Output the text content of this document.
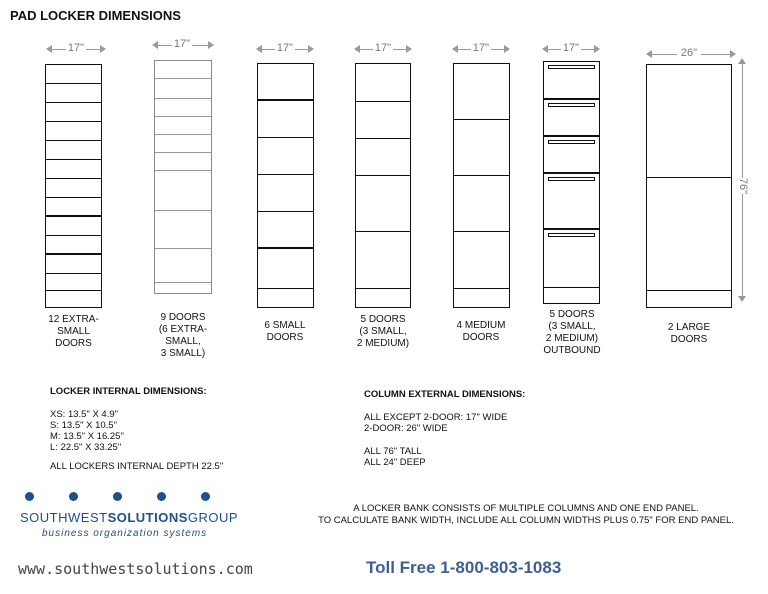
PAD LOCKER DIMENSIONS
17"
12 EXTRA-
SMALL
DOORS
17"
9 DOORS
(6 EXTRA-
SMALL,
3 SMALL)
17"
6 SMALL
DOORS
17"
5 DOORS
(3 SMALL,
2 MEDIUM)
17"
4 MEDIUM
DOORS
17"
5 DOORS
(3 SMALL,
2 MEDIUM)
OUTBOUND
26"
2 LARGE
DOORS
76"
LOCKER INTERNAL DIMENSIONS:
XS: 13.5" X 4.9"
S: 13.5" X 10.5"
M: 13.5" X 16.25"
L: 22.5" X 33.25"
ALL LOCKERS INTERNAL DEPTH 22.5"
COLUMN EXTERNAL DIMENSIONS:
ALL EXCEPT 2-DOOR: 17" WIDE
2-DOOR: 26" WIDE
ALL 76" TALL
ALL 24" DEEP
A LOCKER BANK CONSISTS OF MULTIPLE COLUMNS AND ONE END PANEL.
TO CALCULATE BANK WIDTH, INCLUDE ALL COLUMN WIDTHS PLUS 0.75" FOR END PANEL.
SOUTHWESTSOLUTIONSGROUP
business organization systems
www.southwestsolutions.com	Toll Free 1-800-803-1083
